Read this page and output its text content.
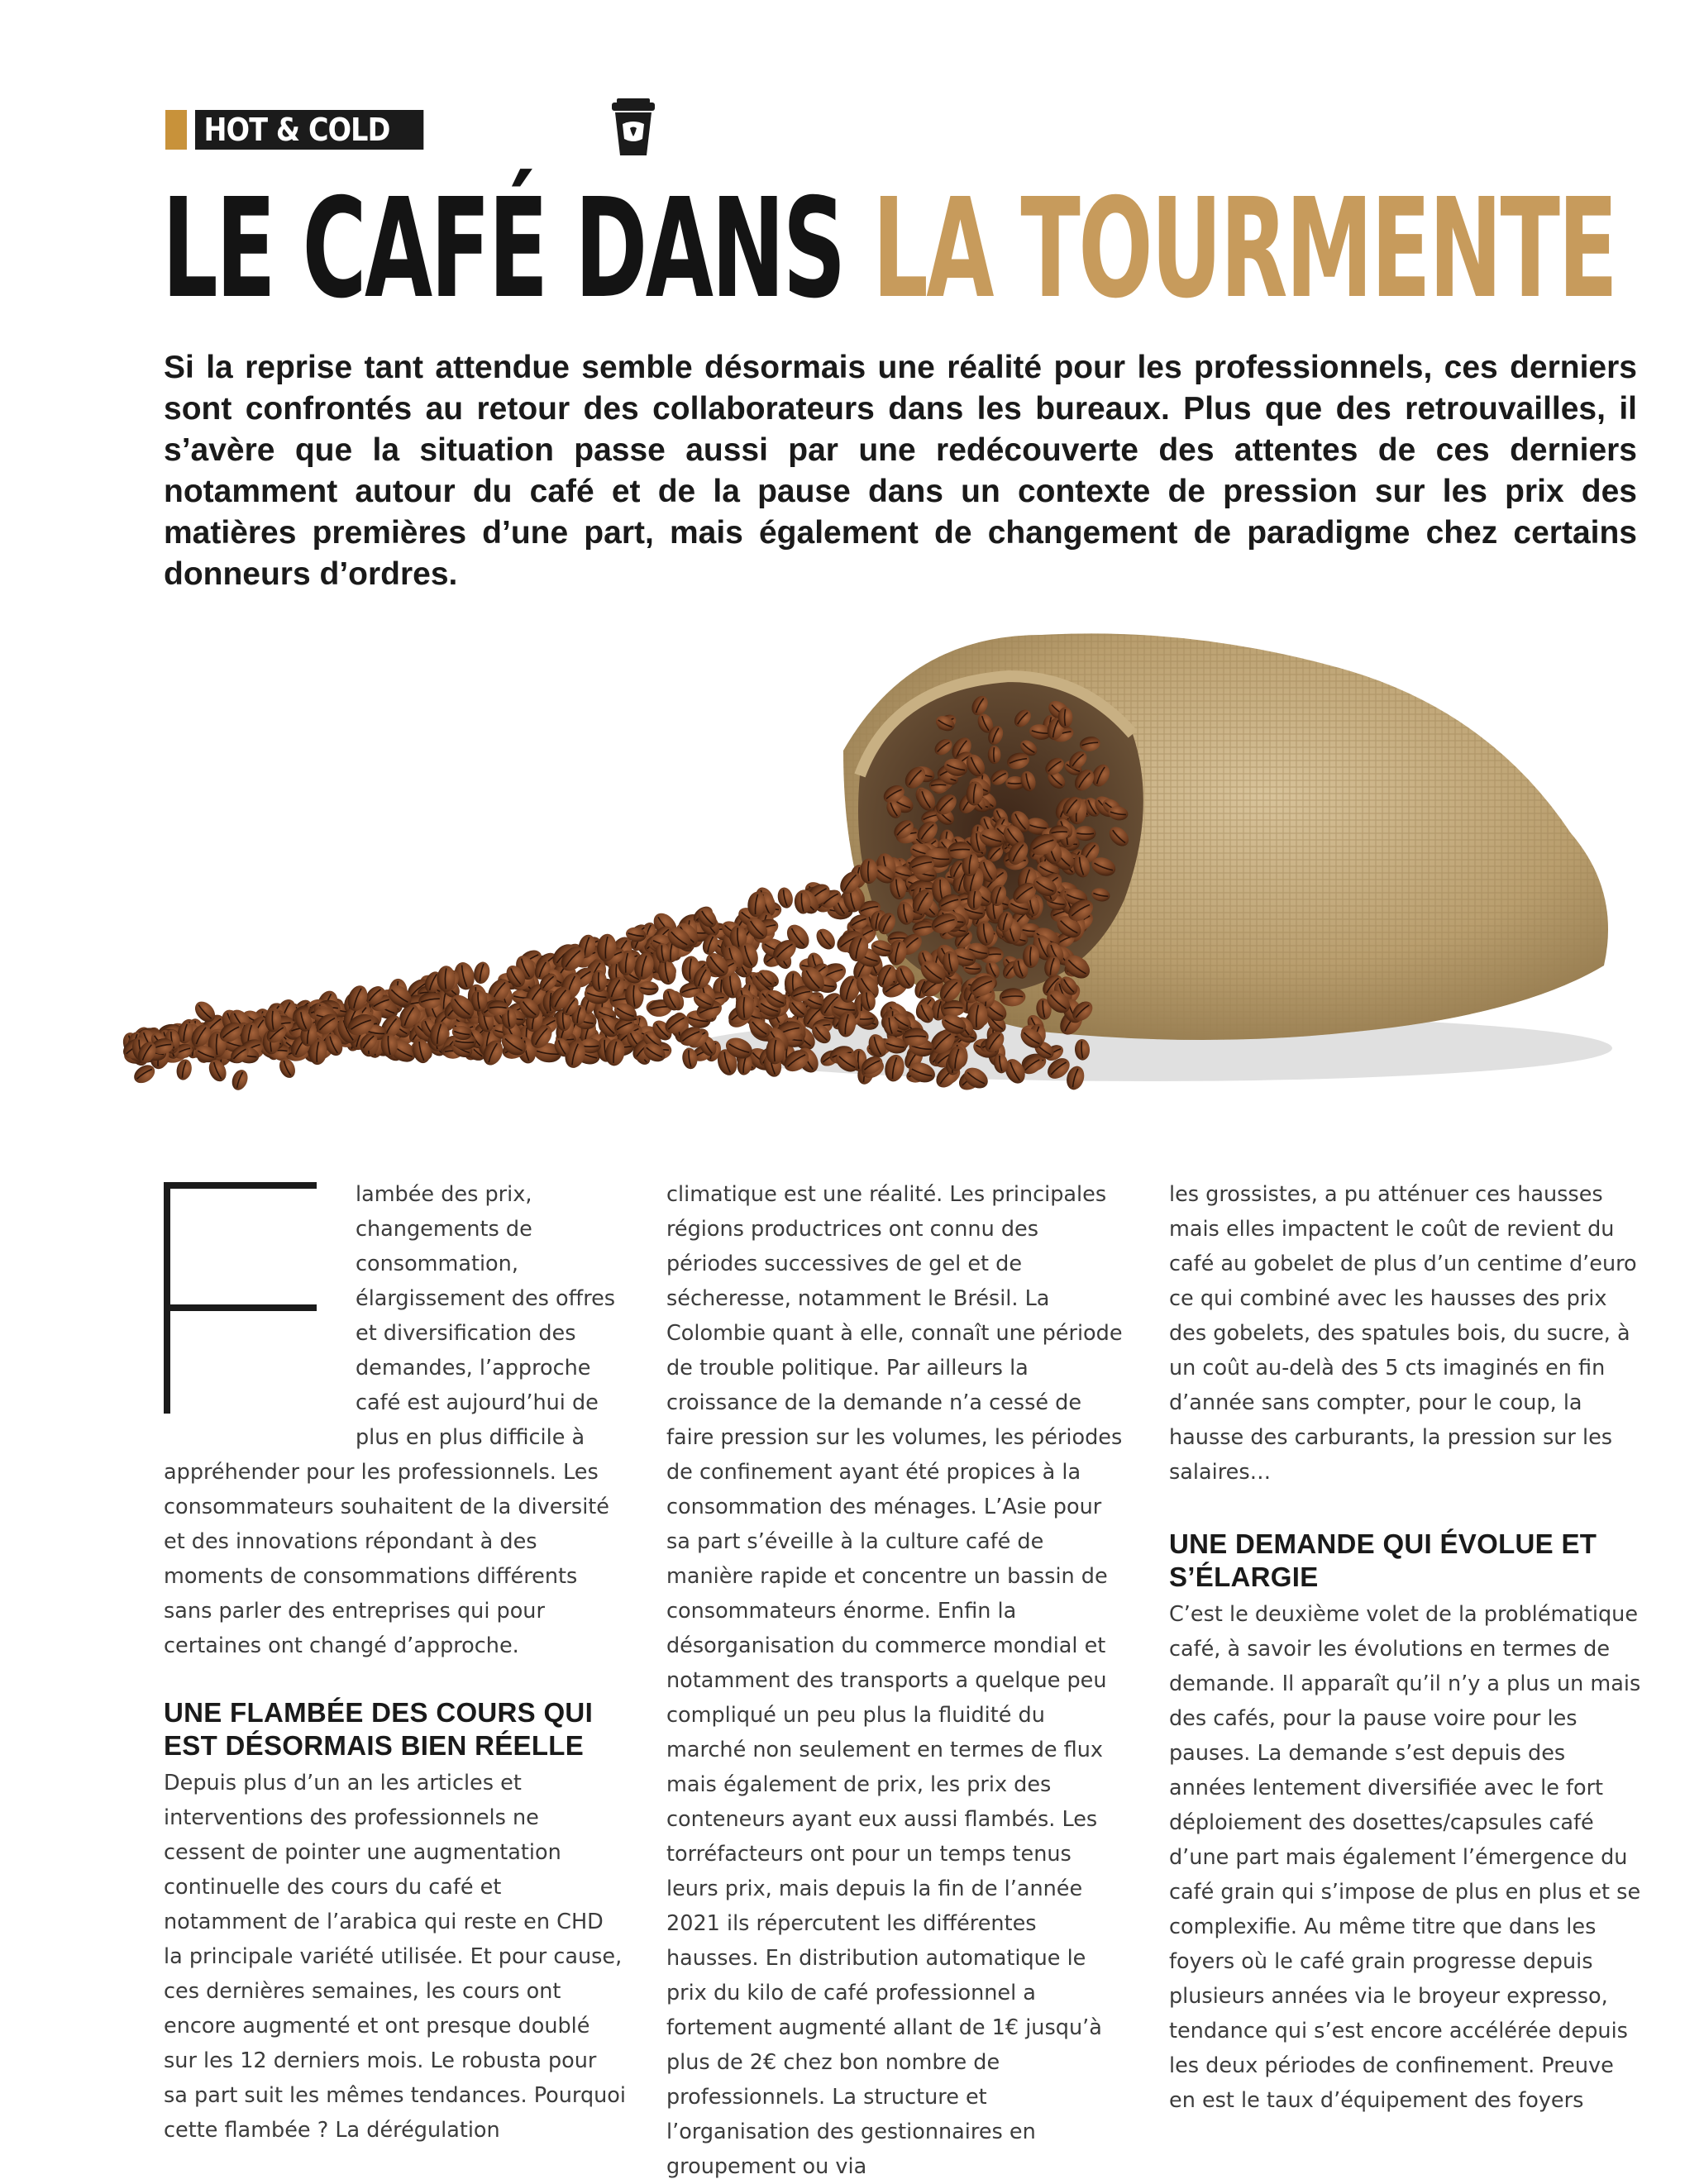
HOT & COLD
LE CAFÉ DANS LA TOURMENTE

Si la reprise tant attendue semble désormais une réalité pour les professionnels, ces derniers sont confrontés au retour des collaborateurs dans les bureaux. Plus que des retrouvailles, il s’avère que la situation passe aussi par une redécouverte des attentes de ces derniers notamment autour du café et de la pause dans un contexte de pression sur les prix des matières premières d’une part, mais également de changement de paradigme chez certains donneurs d’ordres.

lambée des prix, changements de consommation, élargissement des offres et diversification des demandes, l’approche café est aujourd’hui de plus en plus difficile à appréhender pour les professionnels. Les consommateurs souhaitent de la diversité et des innovations répondant à des moments de consommations différents sans parler des entreprises qui pour certaines ont changé d’approche.

UNE FLAMBÉE DES COURS QUI EST DÉSORMAIS BIEN RÉELLE

Depuis plus d’un an les articles et interventions des professionnels ne cessent de pointer une augmentation continuelle des cours du café et notamment de l’arabica qui reste en CHD la principale variété utilisée. Et pour cause, ces dernières semaines, les cours ont encore augmenté et ont presque doublé sur les 12 derniers mois. Le robusta pour sa part suit les mêmes tendances. Pourquoi cette flambée ? La dérégulation

climatique est une réalité. Les principales régions productrices ont connu des périodes successives de gel et de sécheresse, notamment le Brésil. La Colombie quant à elle, connaît une période de trouble politique. Par ailleurs la croissance de la demande n’a cessé de faire pression sur les volumes, les périodes de confinement ayant été propices à la consommation des ménages. L’Asie pour sa part s’éveille à la culture café de manière rapide et concentre un bassin de consommateurs énorme. Enfin la désorganisation du commerce mondial et notamment des transports a quelque peu compliqué un peu plus la fluidité du marché non seulement en termes de flux mais également de prix, les prix des conteneurs ayant eux aussi flambés. Les torréfacteurs ont pour un temps tenus leurs prix, mais depuis la fin de l’année 2021 ils répercutent les différentes hausses. En distribution automatique le prix du kilo de café professionnel a fortement augmenté allant de 1€ jusqu’à plus de 2€ chez bon nombre de professionnels. La structure et l’organisation des gestionnaires en groupement ou via

les grossistes, a pu atténuer ces hausses mais elles impactent le coût de revient du café au gobelet de plus d’un centime d’euro ce qui combiné avec les hausses des prix des gobelets, des spatules bois, du sucre, à un coût au-delà des 5 cts imaginés en fin d’année sans compter, pour le coup, la hausse des carburants, la pression sur les salaires…

UNE DEMANDE QUI ÉVOLUE ET S’ÉLARGIE

C’est le deuxième volet de la problématique café, à savoir les évolutions en termes de demande. Il apparaît qu’il n’y a plus un mais des cafés, pour la pause voire pour les pauses. La demande s’est depuis des années lentement diversifiée avec le fort déploiement des dosettes/capsules café d’une part mais également l’émergence du café grain qui s’impose de plus en plus et se complexifie. Au même titre que dans les foyers où le café grain progresse depuis plusieurs années via le broyeur expresso, tendance qui s’est encore accélérée depuis les deux périodes de confinement. Preuve en est le taux d’équipement des foyers
